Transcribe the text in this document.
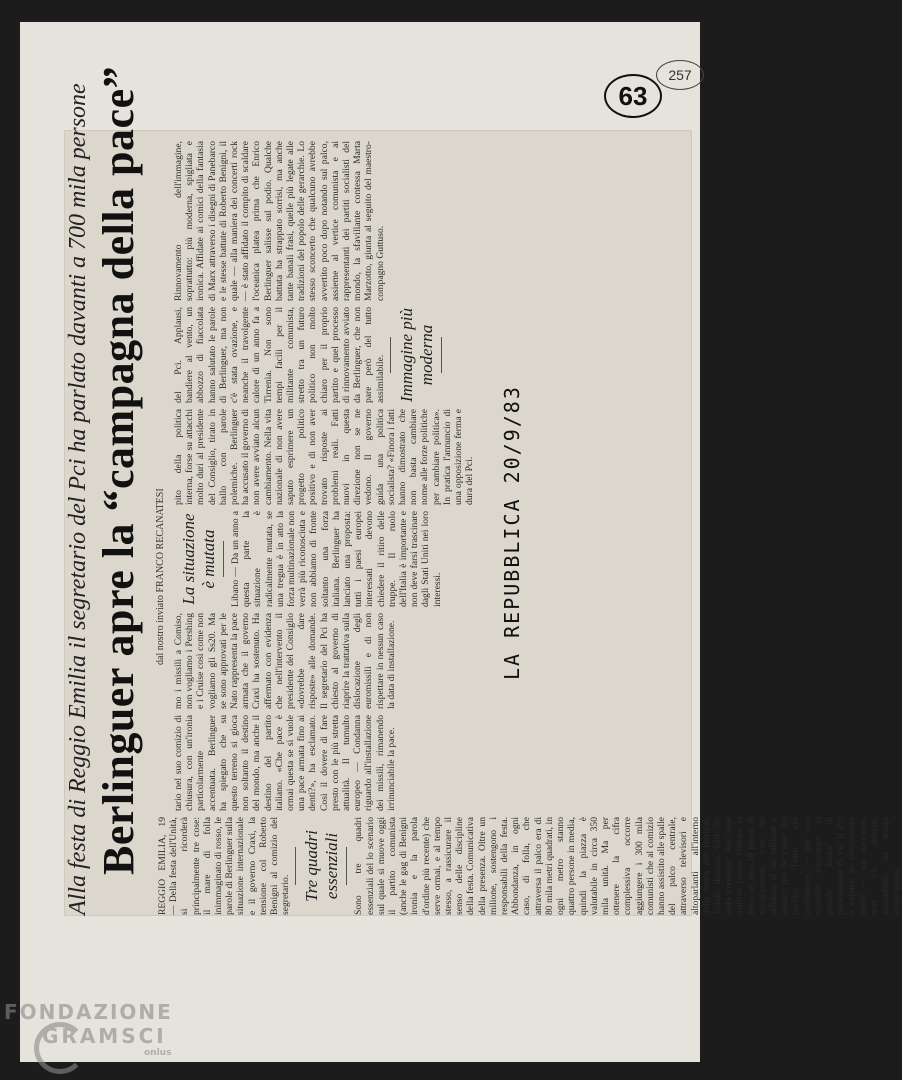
63
257
Alla festa di Reggio Emilia il segretario del Pci ha parlato davanti a 700 mila persone Berlinguer apre la “campagna della pace” dal nostro inviato FRANCO RECANATESI

REGGIO EMILIA, 19 — Della festa dell'Unità, si ricorderà principalmente tre cose: il mare di folla inimmaginato di rosso, le parole di Berlinguer sulla situazione internazionale e il governo Craxi, la tensione col Roberto Benigni al comizio del segretario. Tre quadri essenziali Sono tre quadri essenziali del lo scenario sul quale si muove oggi il partito comunista (anche le gag di Benigni ironia e la parola d'ordine più recente) che serve ormai, e al tempo stesso, a rassicurare il senso delle discipline della festa. Comunicativa della presenza. Oltre un milione, sostengono i responsabili della festa. Abbondanza, in ogni caso, di folla, che attraversa il palco era di 80 mila metri quadrati, in ogni metro stanno quattro persone in media, quindi la piazza è valutabile in circa 350 mila unità. Ma per ottenere la cifra complessiva occorre aggiungere i 300 mila comunisti che al comizio hanno assistito alle spalle del palco centrale, attraverso televisori e altoparlanti all'interno delle mura del festival. Totale, dunque, 650-700 mila presenze. Altri due milioni hanno visitato la festa nei suoi 18 giorni di svolgimento, con un afflusso di un milione e mezzo per le casse del partito. Tutto ciò costituisce — pur non volendo trascurare la grande forza di persuasione di cui il Pci è capace in circostanze simili — un successo, non v'è dubbio, soprattutto in tempi come questi.

tario nel suo comizio di chiusura, con un'ironia particolarmente accentuata. Berlinguer ha spiegato che su questo terreno si gioca non soltanto il destino del mondo, ma anche il destino del partito italiano. «Che pace è ormai questa se si vuole una pace armata fino ai denti?», ha esclamato. Così il dovere di fare presto con le più stretta attualità. Il tumulto europeo — Condanna riguardo all'installazione dei missili, rimanendo irrinunciabile la pace.

mo i missili a Comiso, non vogliamo i Pershing e i Cruise così come non vogliamo gli Ss20. Ma se sono approvati per le Nato rappresenta la pace armata che il governo Craxi ha sostenuto. Ha affermato con evidenza che nell'intervento il presidente del Consiglio «dovrebbe dare risposte» alle domande. Il segretario del Pci ha chiesto al governo di riaprire la trattativa sulla dislocazione degli euromissili e di non rispettare in nessun caso la data di installazione.

La situazione è mutata Libano — Da un anno a questa parte la situazione è radicalmente mutata, se una tregua è in atto la forza multinazionale non verrà più riconosciuta e non abbiamo di fronte soltanto una forza italiana. Berlinguer ha lanciato una proposta: tutti i paesi europei interessati devono chiedere il ritiro delle truppe. Il ruolo dell'Italia è importante e non deve farsi trascinare dagli Stati Uniti nei loro interessi.

pito della politica interna, forse su attacchi molto duri al presidente del Consiglio, tirato in ballo con parole polemiche. Berlinguer ha accusato il governo di non avere avviato alcun cambiamento. Nella vita nazionale di non avere saputo esprimere un progetto politico positivo e di non aver trovato risposte ai problemi reali. Fatti nuovi in questa direzione non se ne vedono. Il governo guida una politica socialista? «Finora i fatti hanno dimostrato che non basta cambiare nome alle forze politiche per cambiare politica». In pratica l'annuncio di una opposizione ferma e dura del Pci.

del Pci. Applausi, bandiere al vento, un abbozzo di fiaccolata hanno salutato le parole di Berlinguer, ma non c'è stata ovazione, e neanche il travolgente calore di un anno fa a Tirrenia. Non sono tempi facili per il militante comunista, stretto tra un futuro politico non molto chiaro per il proprio partito e quel processo di rinnovamento avviato da Berlinguer, che non pare però del tutto assimilabile. Immagine più moderna

Rinnovamento dell'immagine, soprattutto: più moderna, spigliata e ironica. Affidate ai comici della fantasia di Marx attraverso i disegni di Panebarco e le stesse battute di Roberto Benigni, il quale — alla maniera dei concerti rock — è stato affidato il compito di scaldare l'oceanica platea prima che Enrico Berlinguer salisse sul podio. Qualche battuta ha strappato sorrisi, ma anche tante banali frasi, quelle più legate alle tradizioni del popolo delle gerarchie. Lo stesso sconcerto che qualcuno avrebbe avvertito poco dopo notando sul palco, assieme al vertice comunista e ai rappresentanti dei partiti socialisti del mondo, la sfavillante contessa Marta Marzotto, giunta al seguito del maestro-compagno Guttuso.

LA REPUBBLICA 20/9/83
FONDAZIONE
GRAMSCI
onlus
